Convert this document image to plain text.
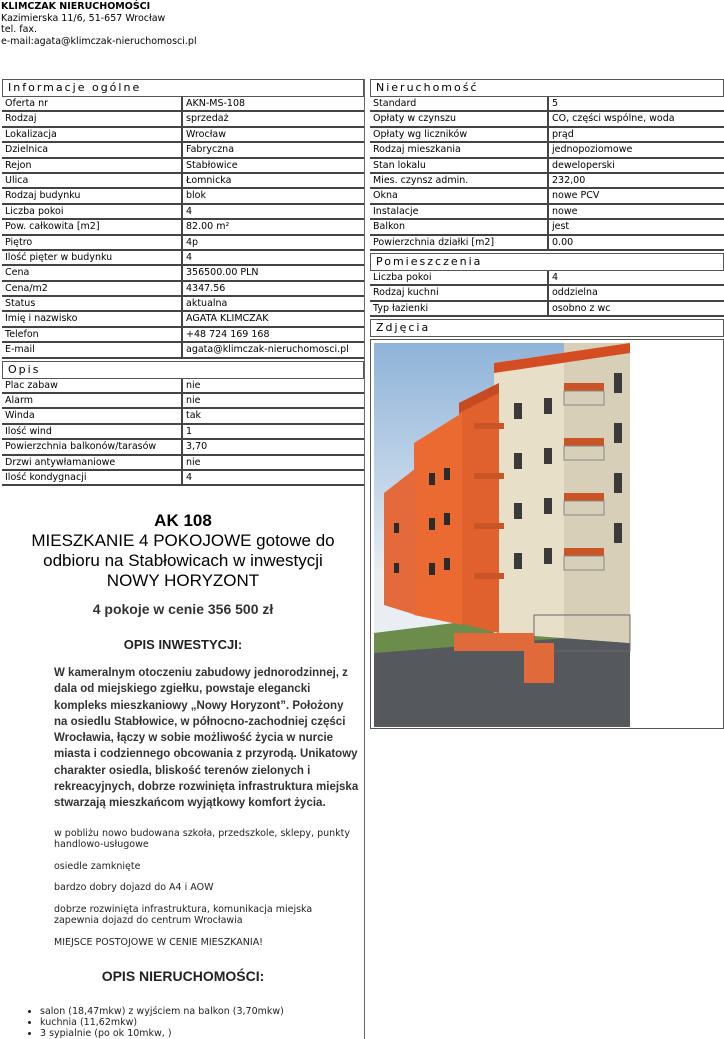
KLIMCZAK NIERUCHOMOŚCI
Kazimierska 11/6, 51-657 Wrocław
tel. fax.
e-mail:agata@klimczak-nieruchomosci.pl
Informacje ogólne
Oferta nr	AKN-MS-108
Rodzaj	sprzedaż
Lokalizacja	Wrocław
Dzielnica	Fabryczna
Rejon	Stabłowice
Ulica	Łomnicka
Rodzaj budynku	blok
Liczba pokoi	4
Pow. całkowita [m2]	82.00 m²
Piętro	4p
Ilość pięter w budynku	4
Cena	356500.00 PLN
Cena/m2	4347.56
Status	aktualna
Imię i nazwisko	AGATA KLIMCZAK
Telefon	+48 724 169 168
E-mail	agata@klimczak-nieruchomosci.pl
Opis
Plac zabaw	nie
Alarm	nie
Winda	tak
Ilość wind	1
Powierzchnia balkonów/tarasów	3,70
Drzwi antywłamaniowe	nie
Ilość kondygnacji	4
Nieruchomość
Standard	5
Opłaty w czynszu	CO, części wspólne, woda
Opłaty wg liczników	prąd
Rodzaj mieszkania	jednopoziomowe
Stan lokalu	deweloperski
Mies. czynsz admin.	232,00
Okna	nowe PCV
Instalacje	nowe
Balkon	jest
Powierzchnia działki [m2]	0.00
Pomieszczenia
Liczba pokoi	4
Rodzaj kuchni	oddzielna
Typ łazienki	osobno z wc
Zdjęcia
AK 108
MIESZKANIE 4 POKOJOWE gotowe do
odbioru na Stabłowicach w inwestycji
NOWY HORYZONT
4 pokoje w cenie 356 500 zł
OPIS INWESTYCJI:
W kameralnym otoczeniu zabudowy jednorodzinnej, z dala od miejskiego zgiełku, powstaje elegancki kompleks mieszkaniowy „Nowy Horyzont”. Położony na osiedlu Stabłowice, w północno-zachodniej części Wrocławia, łączy w sobie możliwość życia w nurcie miasta i codziennego obcowania z przyrodą. Unikatowy charakter osiedla, bliskość terenów zielonych i rekreacyjnych, dobrze rozwinięta infrastruktura miejska stwarzają mieszkańcom wyjątkowy komfort życia.
w pobliżu nowo budowana szkoła, przedszkole, sklepy, punkty handlowo-usługowe
osiedle zamknięte
bardzo dobry dojazd do A4 i AOW
dobrze rozwinięta infrastruktura, komunikacja miejska zapewnia dojazd do centrum Wrocławia
MIEJSCE POSTOJOWE W CENIE MIESZKANIA!
OPIS NIERUCHOMOŚCI:
• salon (18,47mkw) z wyjściem na balkon (3,70mkw)
• kuchnia (11,62mkw)
• 3 sypialnie (po ok 10mkw, )
